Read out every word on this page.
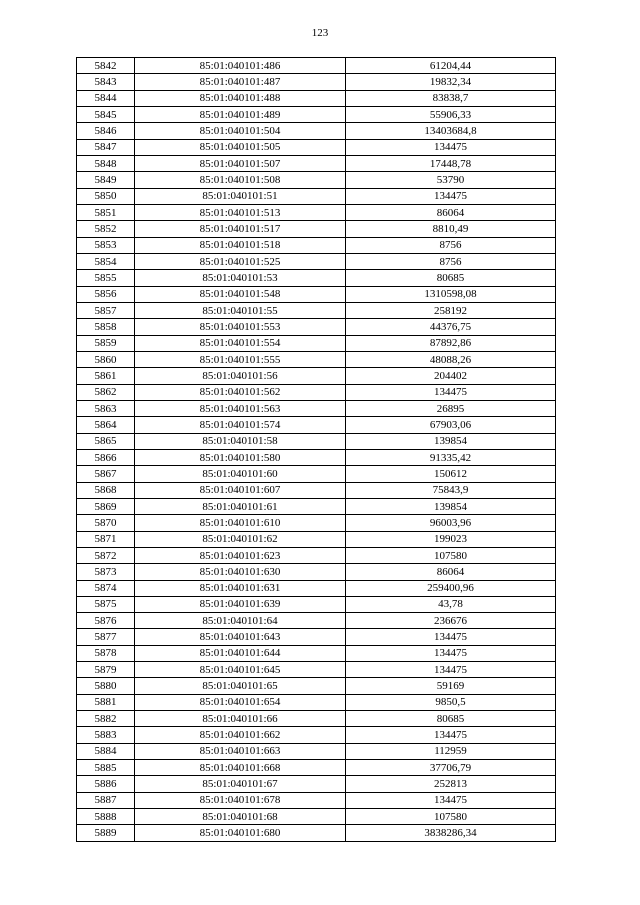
123
5842	85:01:040101:486	61204,44
5843	85:01:040101:487	19832,34
5844	85:01:040101:488	83838,7
5845	85:01:040101:489	55906,33
5846	85:01:040101:504	13403684,8
5847	85:01:040101:505	134475
5848	85:01:040101:507	17448,78
5849	85:01:040101:508	53790
5850	85:01:040101:51	134475
5851	85:01:040101:513	86064
5852	85:01:040101:517	8810,49
5853	85:01:040101:518	8756
5854	85:01:040101:525	8756
5855	85:01:040101:53	80685
5856	85:01:040101:548	1310598,08
5857	85:01:040101:55	258192
5858	85:01:040101:553	44376,75
5859	85:01:040101:554	87892,86
5860	85:01:040101:555	48088,26
5861	85:01:040101:56	204402
5862	85:01:040101:562	134475
5863	85:01:040101:563	26895
5864	85:01:040101:574	67903,06
5865	85:01:040101:58	139854
5866	85:01:040101:580	91335,42
5867	85:01:040101:60	150612
5868	85:01:040101:607	75843,9
5869	85:01:040101:61	139854
5870	85:01:040101:610	96003,96
5871	85:01:040101:62	199023
5872	85:01:040101:623	107580
5873	85:01:040101:630	86064
5874	85:01:040101:631	259400,96
5875	85:01:040101:639	43,78
5876	85:01:040101:64	236676
5877	85:01:040101:643	134475
5878	85:01:040101:644	134475
5879	85:01:040101:645	134475
5880	85:01:040101:65	59169
5881	85:01:040101:654	9850,5
5882	85:01:040101:66	80685
5883	85:01:040101:662	134475
5884	85:01:040101:663	112959
5885	85:01:040101:668	37706,79
5886	85:01:040101:67	252813
5887	85:01:040101:678	134475
5888	85:01:040101:68	107580
5889	85:01:040101:680	3838286,34
